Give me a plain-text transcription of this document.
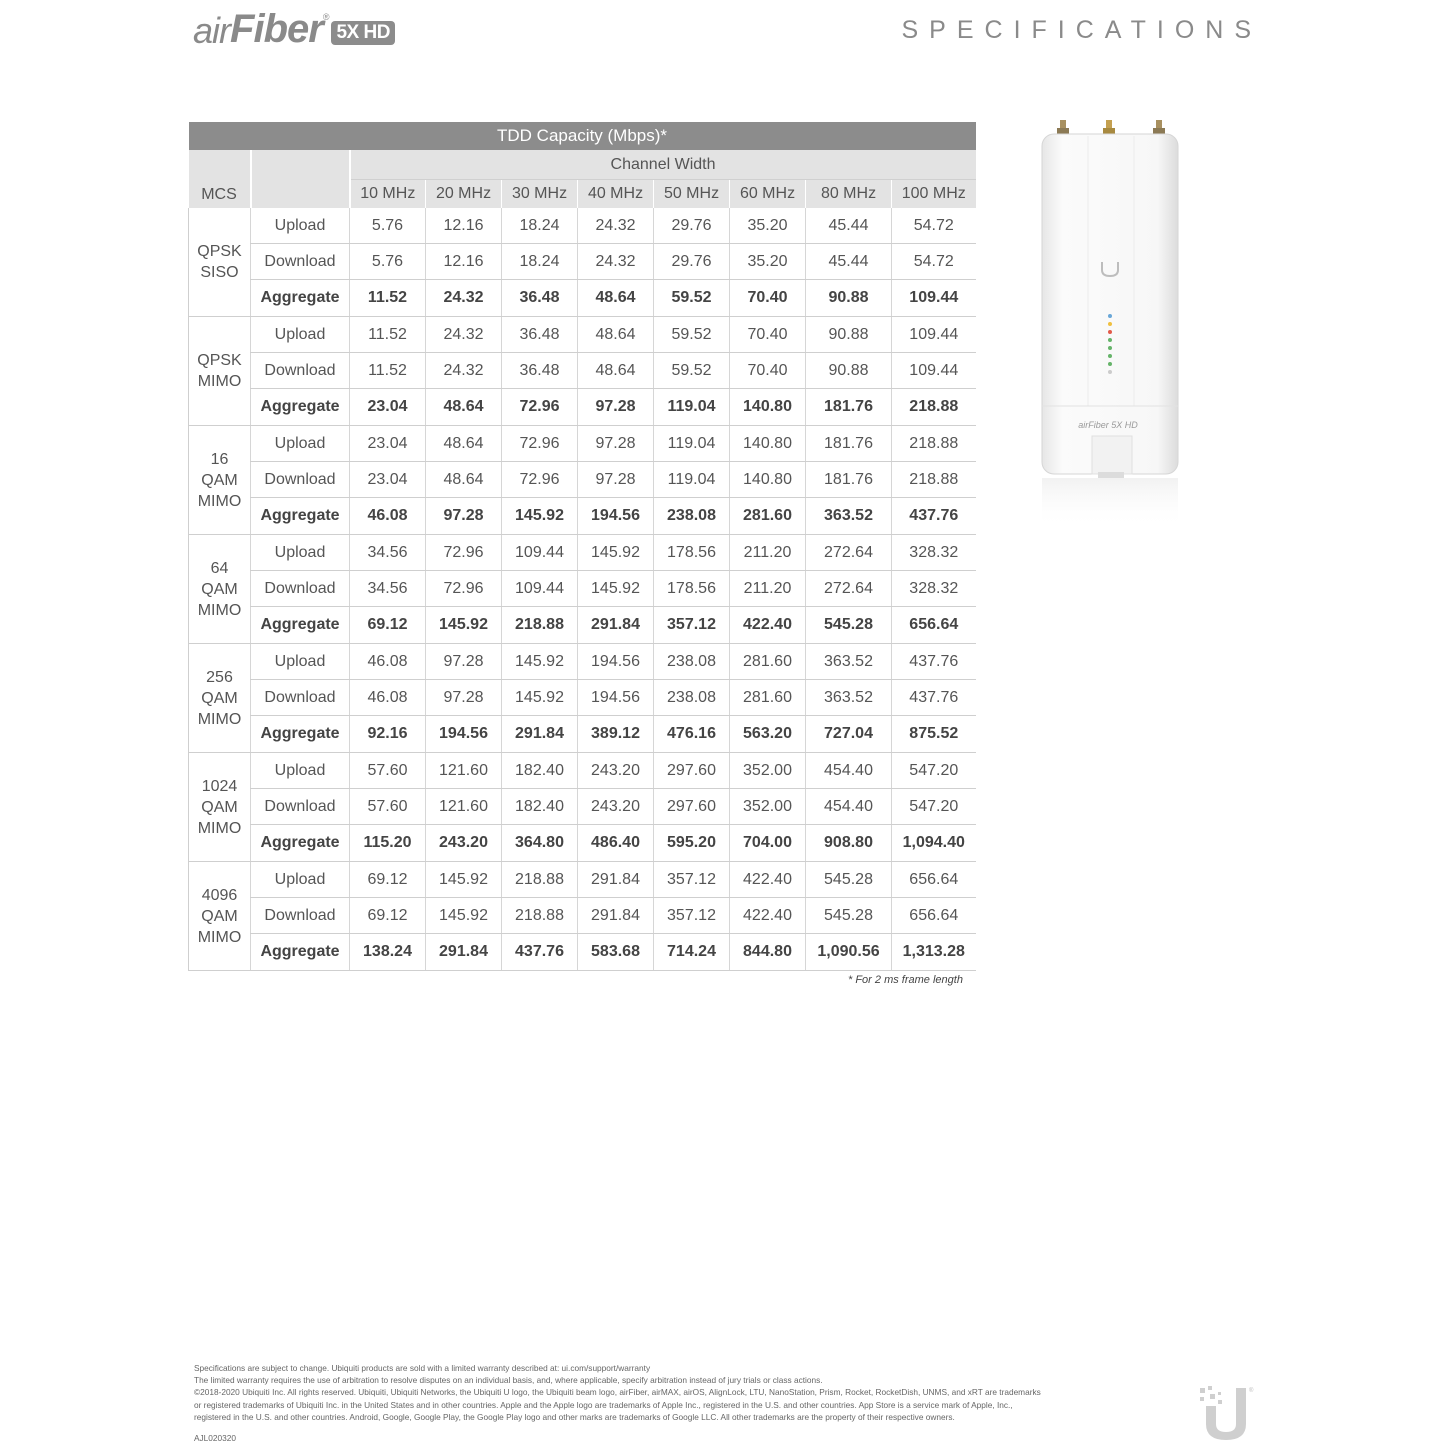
air Fiber ®
5X HD	SPECIFICATIONS
TDD Capacity (Mbps)*									
MCS		Channel Width							
		10 MHz	20 MHz	30 MHz	40 MHz	50 MHz	60 MHz	80 MHz	100 MHz

QPSK
SISO	Upload	5.76	12.16	18.24	24.32	29.76	35.20	45.44	54.72
	Download	5.76	12.16	18.24	24.32	29.76	35.20	45.44	54.72
	Aggregate	11.52	24.32	36.48	48.64	59.52	70.40	90.88	109.44

QPSK
MIMO	Upload	11.52	24.32	36.48	48.64	59.52	70.40	90.88	109.44
	Download	11.52	24.32	36.48	48.64	59.52	70.40	90.88	109.44
	Aggregate	23.04	48.64	72.96	97.28	119.04	140.80	181.76	218.88

16
QAM
MIMO	Upload	23.04	48.64	72.96	97.28	119.04	140.80	181.76	218.88
	Download	23.04	48.64	72.96	97.28	119.04	140.80	181.76	218.88
	Aggregate	46.08	97.28	145.92	194.56	238.08	281.60	363.52	437.76

64
QAM
MIMO	Upload	34.56	72.96	109.44	145.92	178.56	211.20	272.64	328.32
	Download	34.56	72.96	109.44	145.92	178.56	211.20	272.64	328.32
	Aggregate	69.12	145.92	218.88	291.84	357.12	422.40	545.28	656.64

256
QAM
MIMO	Upload	46.08	97.28	145.92	194.56	238.08	281.60	363.52	437.76
	Download	46.08	97.28	145.92	194.56	238.08	281.60	363.52	437.76
	Aggregate	92.16	194.56	291.84	389.12	476.16	563.20	727.04	875.52

1024
QAM
MIMO	Upload	57.60	121.60	182.40	243.20	297.60	352.00	454.40	547.20
	Download	57.60	121.60	182.40	243.20	297.60	352.00	454.40	547.20
	Aggregate	115.20	243.20	364.80	486.40	595.20	704.00	908.80	1,094.40

4096
QAM
MIMO	Upload	69.12	145.92	218.88	291.84	357.12	422.40	545.28	656.64
	Download	69.12	145.92	218.88	291.84	357.12	422.40	545.28	656.64
	Aggregate	138.24	291.84	437.76	583.68	714.24	844.80	1,090.56	1,313.28
* For 2 ms frame length
airFiber 5X HD
Specifications are subject to change. Ubiquiti products are sold with a limited warranty described at: ui.com/support/warranty
The limited warranty requires the use of arbitration to resolve disputes on an individual basis, and, where applicable, specify arbitration instead of jury trials or class actions.
©2018-2020 Ubiquiti Inc. All rights reserved. Ubiquiti, Ubiquiti Networks, the Ubiquiti U logo, the Ubiquiti beam logo, airFiber, airMAX, airOS, AlignLock, LTU, NanoStation, Prism, Rocket, RocketDish, UNMS, and xRT are trademarks
or registered trademarks of Ubiquiti Inc. in the United States and in other countries. Apple and the Apple logo are trademarks of Apple Inc., registered in the U.S. and other countries. App Store is a service mark of Apple, Inc.,
registered in the U.S. and other countries. Android, Google, Google Play, the Google Play logo and other marks are trademarks of Google LLC. All other trademarks are the property of their respective owners.
AJL020320
®
